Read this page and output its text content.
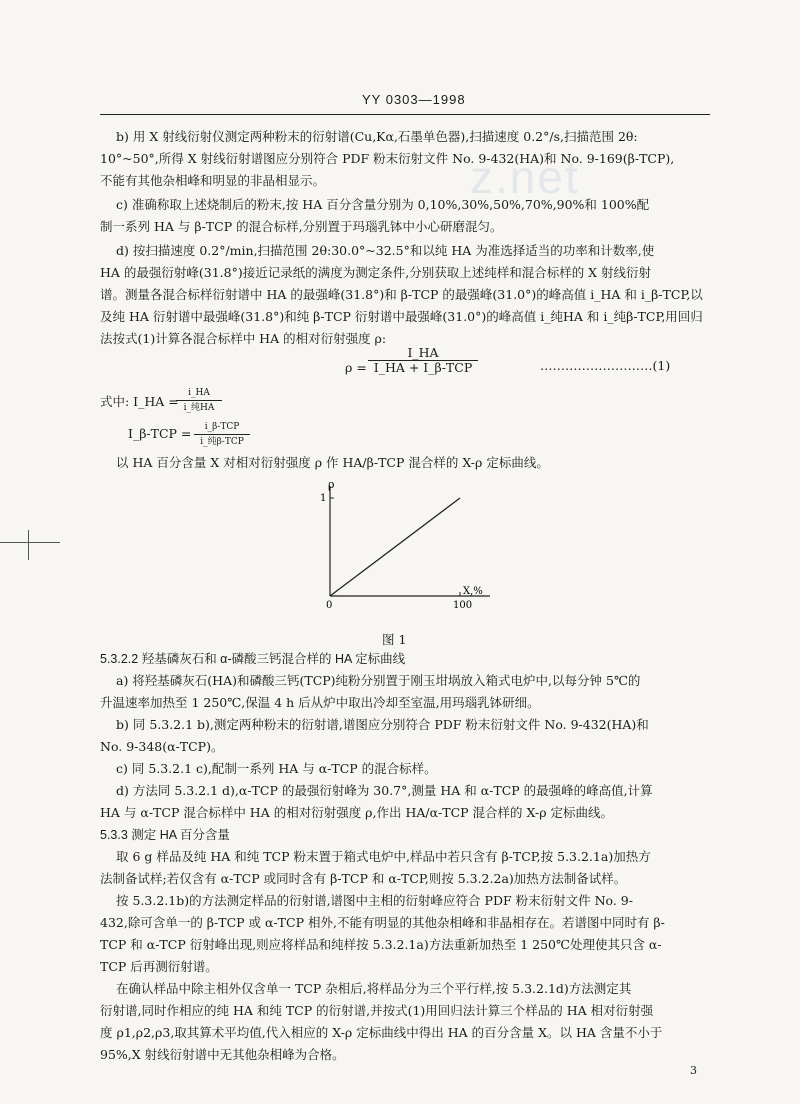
z.net
YY 0303—1998
b) 用 X 射线衍射仪测定两种粉末的衍射谱(Cu,Kα,石墨单色器),扫描速度 0.2°/s,扫描范围 2θ:
10°~50°,所得 X 射线衍射谱图应分别符合 PDF 粉末衍射文件 No. 9-432(HA)和 No. 9-169(β-TCP),
不能有其他杂相峰和明显的非晶相显示。
c) 准确称取上述烧制后的粉末,按 HA 百分含量分别为 0,10%,30%,50%,70%,90%和 100%配
制一系列 HA 与 β-TCP 的混合标样,分别置于玛瑙乳钵中小心研磨混匀。
d) 按扫描速度 0.2°/min,扫描范围 2θ:30.0°~32.5°和以纯 HA 为准选择适当的功率和计数率,使
HA 的最强衍射峰(31.8°)接近记录纸的满度为测定条件,分别获取上述纯样和混合标样的 X 射线衍射
谱。测量各混合标样衍射谱中 HA 的最强峰(31.8°)和 β-TCP 的最强峰(31.0°)的峰高值 i_HA 和 i_β-TCP,以
及纯 HA 衍射谱中最强峰(31.8°)和纯 β-TCP 衍射谱中最强峰(31.0°)的峰高值 i_纯HA 和 i_纯β-TCP,用回归
法按式(1)计算各混合标样中 HA 的相对衍射强度 ρ:
ρ =
I_HA
I_HA + I_β-TCP	………………………(1)
式中: I_HA =
i_HA
i_纯HA
I_β-TCP =	i_β-TCP
i_纯β-TCP
以 HA 百分含量 X 对相对衍射强度 ρ 作 HA/β-TCP 混合样的 X-ρ 定标曲线。
ρ
1
0	100
X,%
图 1
5.3.2.2 羟基磷灰石和 α-磷酸三钙混合样的 HA 定标曲线
a) 将羟基磷灰石(HA)和磷酸三钙(TCP)纯粉分别置于刚玉坩埚放入箱式电炉中,以每分钟 5℃的
升温速率加热至 1 250℃,保温 4 h 后从炉中取出冷却至室温,用玛瑙乳钵研细。
b) 同 5.3.2.1 b),测定两种粉末的衍射谱,谱图应分别符合 PDF 粉末衍射文件 No. 9-432(HA)和
No. 9-348(α-TCP)。
c) 同 5.3.2.1 c),配制一系列 HA 与 α-TCP 的混合标样。
d) 方法同 5.3.2.1 d),α-TCP 的最强衍射峰为 30.7°,测量 HA 和 α-TCP 的最强峰的峰高值,计算
HA 与 α-TCP 混合标样中 HA 的相对衍射强度 ρ,作出 HA/α-TCP 混合样的 X-ρ 定标曲线。
5.3.3 测定 HA 百分含量
取 6 g 样品及纯 HA 和纯 TCP 粉末置于箱式电炉中,样品中若只含有 β-TCP,按 5.3.2.1a)加热方
法制备试样;若仅含有 α-TCP 或同时含有 β-TCP 和 α-TCP,则按 5.3.2.2a)加热方法制备试样。
按 5.3.2.1b)的方法测定样品的衍射谱,谱图中主相的衍射峰应符合 PDF 粉末衍射文件 No. 9-
432,除可含单一的 β-TCP 或 α-TCP 相外,不能有明显的其他杂相峰和非晶相存在。若谱图中同时有 β-
TCP 和 α-TCP 衍射峰出现,则应将样品和纯样按 5.3.2.1a)方法重新加热至 1 250℃处理使其只含 α-
TCP 后再测衍射谱。
在确认样品中除主相外仅含单一 TCP 杂相后,将样品分为三个平行样,按 5.3.2.1d)方法测定其
衍射谱,同时作相应的纯 HA 和纯 TCP 的衍射谱,并按式(1)用回归法计算三个样品的 HA 相对衍射强
度 ρ1,ρ2,ρ3,取其算术平均值,代入相应的 X-ρ 定标曲线中得出 HA 的百分含量 X。以 HA 含量不小于
95%,X 射线衍射谱中无其他杂相峰为合格。
3
